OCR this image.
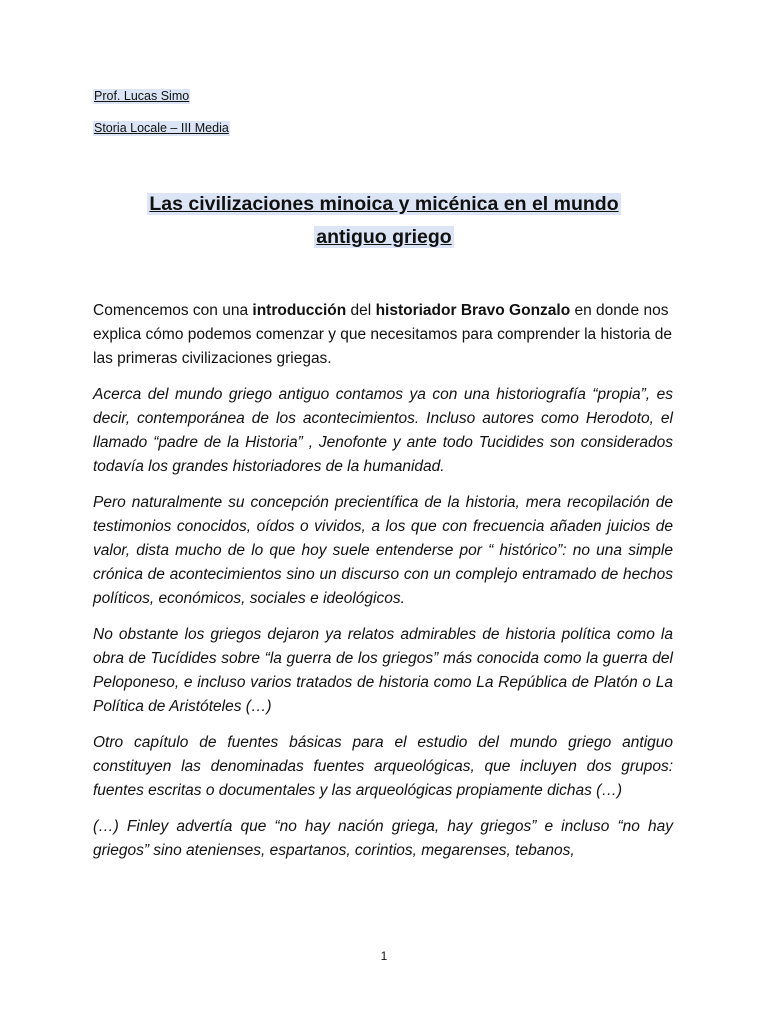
Prof. Lucas Simo
Storia Locale – III Media
Las civilizaciones minoica y micénica en el mundo
antiguo griego

Comencemos con una introducción del historiador Bravo Gonzalo en donde nos explica cómo podemos comenzar y que necesitamos para comprender la historia de las primeras civilizaciones griegas.

Acerca del mundo griego antiguo contamos ya con una historiografía “propia”, es decir, contemporánea de los acontecimientos. Incluso autores como Herodoto, el llamado “padre de la Historia” , Jenofonte y ante todo Tucidides son considerados todavía los grandes historiadores de la humanidad.

Pero naturalmente su concepción precientífica de la historia, mera recopilación de testimonios conocidos, oídos o vividos, a los que con frecuencia añaden juicios de valor, dista mucho de lo que hoy suele entenderse por “ histórico”: no una simple crónica de acontecimientos sino un discurso con un complejo entramado de hechos políticos, económicos, sociales e ideológicos.

No obstante los griegos dejaron ya relatos admirables de historia política como la obra de Tucídides sobre “la guerra de los griegos” más conocida como la guerra del Peloponeso, e incluso varios tratados de historia como La República de Platón o La Política de Aristóteles (…)

Otro capítulo de fuentes básicas para el estudio del mundo griego antiguo constituyen las denominadas fuentes arqueológicas, que incluyen dos grupos: fuentes escritas o documentales y las arqueológicas propiamente dichas (…)

(…) Finley advertía que “no hay nación griega, hay griegos” e incluso “no hay griegos” sino atenienses, espartanos, corintios, megarenses, tebanos,

1
